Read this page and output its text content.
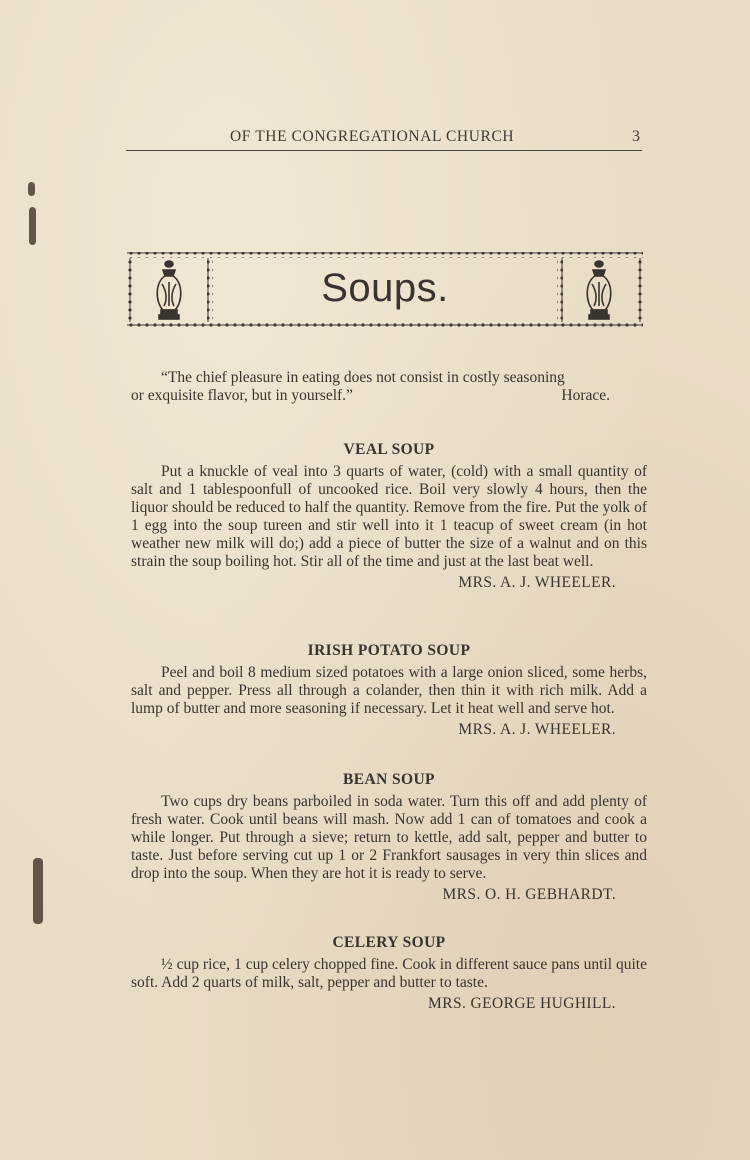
OF THE CONGREGATIONAL CHURCH	3
Soups.
“The chief pleasure in eating does not consist in costly seasoning
or exquisite flavor, but in yourself.”	Horace.
VEAL SOUP
Put a knuckle of veal into 3 quarts of water, (cold) with a small quantity of salt and 1 tablespoonfull of uncooked rice. Boil very slowly 4 hours, then the liquor should be reduced to half the quantity. Remove from the fire. Put the yolk of 1 egg into the soup tureen and stir well into it 1 teacup of sweet cream (in hot weather new milk will do;) add a piece of butter the size of a walnut and on this strain the soup boiling hot. Stir all of the time and just at the last beat well.
MRS. A. J. WHEELER.
IRISH POTATO SOUP
Peel and boil 8 medium sized potatoes with a large onion sliced, some herbs, salt and pepper. Press all through a colander, then thin it with rich milk. Add a lump of butter and more seasoning if necessary. Let it heat well and serve hot.
MRS. A. J. WHEELER.
BEAN SOUP
Two cups dry beans parboiled in soda water. Turn this off and add plenty of fresh water. Cook until beans will mash. Now add 1 can of tomatoes and cook a while longer. Put through a sieve; return to kettle, add salt, pepper and butter to taste. Just before serving cut up 1 or 2 Frankfort sausages in very thin slices and drop into the soup. When they are hot it is ready to serve.
MRS. O. H. GEBHARDT.
CELERY SOUP
½ cup rice, 1 cup celery chopped fine. Cook in different sauce pans until quite soft. Add 2 quarts of milk, salt, pepper and butter to taste.
MRS. GEORGE HUGHILL.
